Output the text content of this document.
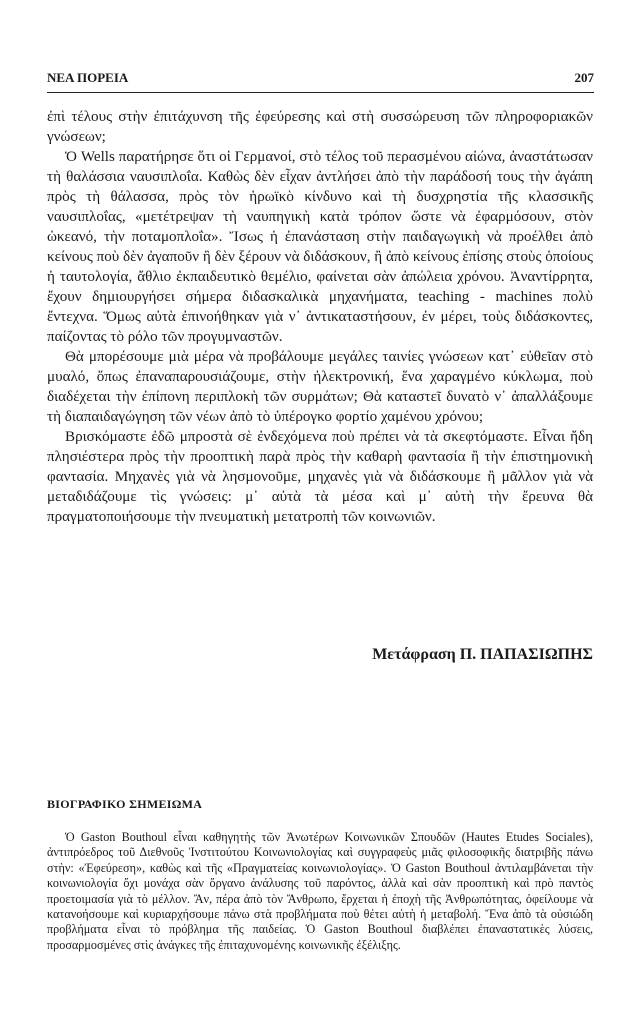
ΝΕΑ ΠΟΡΕΙΑ	207

ἐπὶ τέλους στὴν ἐπιτάχυνση τῆς ἐφεύρεσης καὶ στὴ συσσώρευση τῶν πληροφοριακῶν γνώσεων;

Ὁ Wells παρατήρησε ὅτι οἱ Γερμανοί, στὸ τέλος τοῦ περασμένου αἰώνα, ἀναστάτωσαν τὴ θαλάσσια ναυσιπλοΐα. Καθὼς δὲν εἶχαν ἀντλήσει ἀπὸ τὴν παράδοσή τους τὴν ἀγάπη πρὸς τὴ θάλασσα, πρὸς τὸν ἡρωϊκὸ κίνδυνο καὶ τὴ δυσχρηστία τῆς κλασσικῆς ναυσιπλοΐας, «μετέτρεψαν τὴ ναυπηγικὴ κατὰ τρόπον ὥστε νὰ ἐφαρμόσουν, στὸν ὠκεανό, τὴν ποταμοπλοΐα». Ἴσως ἡ ἐπανάσταση στὴν παιδαγωγικὴ νὰ προέλθει ἀπὸ κείνους ποὺ δὲν ἀγαποῦν ἢ δὲν ξέρουν νὰ διδάσκουν, ἢ ἀπὸ κείνους ἐπίσης στοὺς ὁποίους ἡ ταυτολογία, ἄθλιο ἐκπαιδευτικὸ θεμέλιο, φαίνεται σὰν ἀπώλεια χρόνου. Ἀναντίρρητα, ἔχουν δημιουργήσει σήμερα διδασκαλικὰ μηχανήματα, teaching - machines πολὺ ἔντεχνα. Ὅμως αὐτὰ ἐπινοήθηκαν γιὰ ν᾿ ἀντικαταστήσουν, ἐν μέρει, τοὺς διδάσκοντες, παίζοντας τὸ ρόλο τῶν προγυμναστῶν.

Θὰ μπορέσουμε μιὰ μέρα νὰ προβάλουμε μεγάλες ταινίες γνώσεων κατ᾿ εὐθεῖαν στὸ μυαλό, ὅπως ἐπαναπαρουσιάζουμε, στὴν ἠλεκτρονική, ἕνα χαραγμένο κύκλωμα, ποὺ διαδέχεται τὴν ἐπίπονη περιπλοκὴ τῶν συρμάτων; Θὰ καταστεῖ δυνατὸ ν᾿ ἀπαλλάξουμε τὴ διαπαιδαγώγηση τῶν νέων ἀπὸ τὸ ὑπέρογκο φορτίο χαμένου χρόνου;

Βρισκόμαστε ἐδῶ μπροστὰ σὲ ἐνδεχόμενα ποὺ πρέπει νὰ τὰ σκεφτόμαστε. Εἶναι ἤδη πλησιέστερα πρὸς τὴν προοπτικὴ παρὰ πρὸς τὴν καθαρὴ φαντασία ἢ τὴν ἐπιστημονικὴ φαντασία. Μηχανὲς γιὰ νὰ λησμονοῦμε, μηχανὲς γιὰ νὰ διδάσκουμε ἢ μᾶλλον γιὰ νὰ μεταδιδάζουμε τὶς γνώσεις: μ᾿ αὐτὰ τὰ μέσα καὶ μ᾿ αὐτὴ τὴν ἔρευνα θὰ πραγματοποιήσουμε τὴν πνευματικὴ μετατροπὴ τῶν κοινωνιῶν.

Μετάφραση Π. ΠΑΠΑΣΙΩΠΗΣ
ΒΙΟΓΡΑΦΙΚΟ ΣΗΜΕΙΩΜΑ

Ὁ Gaston Bouthoul εἶναι καθηγητὴς τῶν Ἀνωτέρων Κοινωνικῶν Σπουδῶν (Hautes Etudes Sociales), ἀντιπρόεδρος τοῦ Διεθνοῦς Ἰνστιτούτου Κοινωνιολογίας καὶ συγγραφεὺς μιᾶς φιλοσοφικῆς διατριβῆς πάνω στὴν: «Ἐφεύρεση», καθὼς καὶ τῆς «Πραγματείας κοινωνιολογίας». Ὁ Gaston Bouthoul ἀντιλαμβάνεται τὴν κοινωνιολογία ὄχι μονάχα σὰν ὄργανο ἀνάλυσης τοῦ παρόντος, ἀλλὰ καὶ σὰν προοπτικὴ καὶ πρὸ παντὸς προετοιμασία γιὰ τὸ μέλλον. Ἄν, πέρα ἀπὸ τὸν Ἄνθρωπο, ἔρχεται ἡ ἐποχὴ τῆς Ἀνθρωπότητας, ὀφείλουμε νὰ κατανοήσουμε καὶ κυριαρχήσουμε πάνω στὰ προβλήματα ποὺ θέτει αὐτὴ ἡ μεταβολή. Ἕνα ἀπὸ τὰ οὐσιώδη προβλήματα εἶναι τὸ πρόβλημα τῆς παιδείας. Ὁ Gaston Bouthoul διαβλέπει ἐπαναστατικὲς λύσεις, προσαρμοσμένες στὶς ἀνάγκες τῆς ἐπιταχυνομένης κοινωνικῆς ἐξέλιξης.
